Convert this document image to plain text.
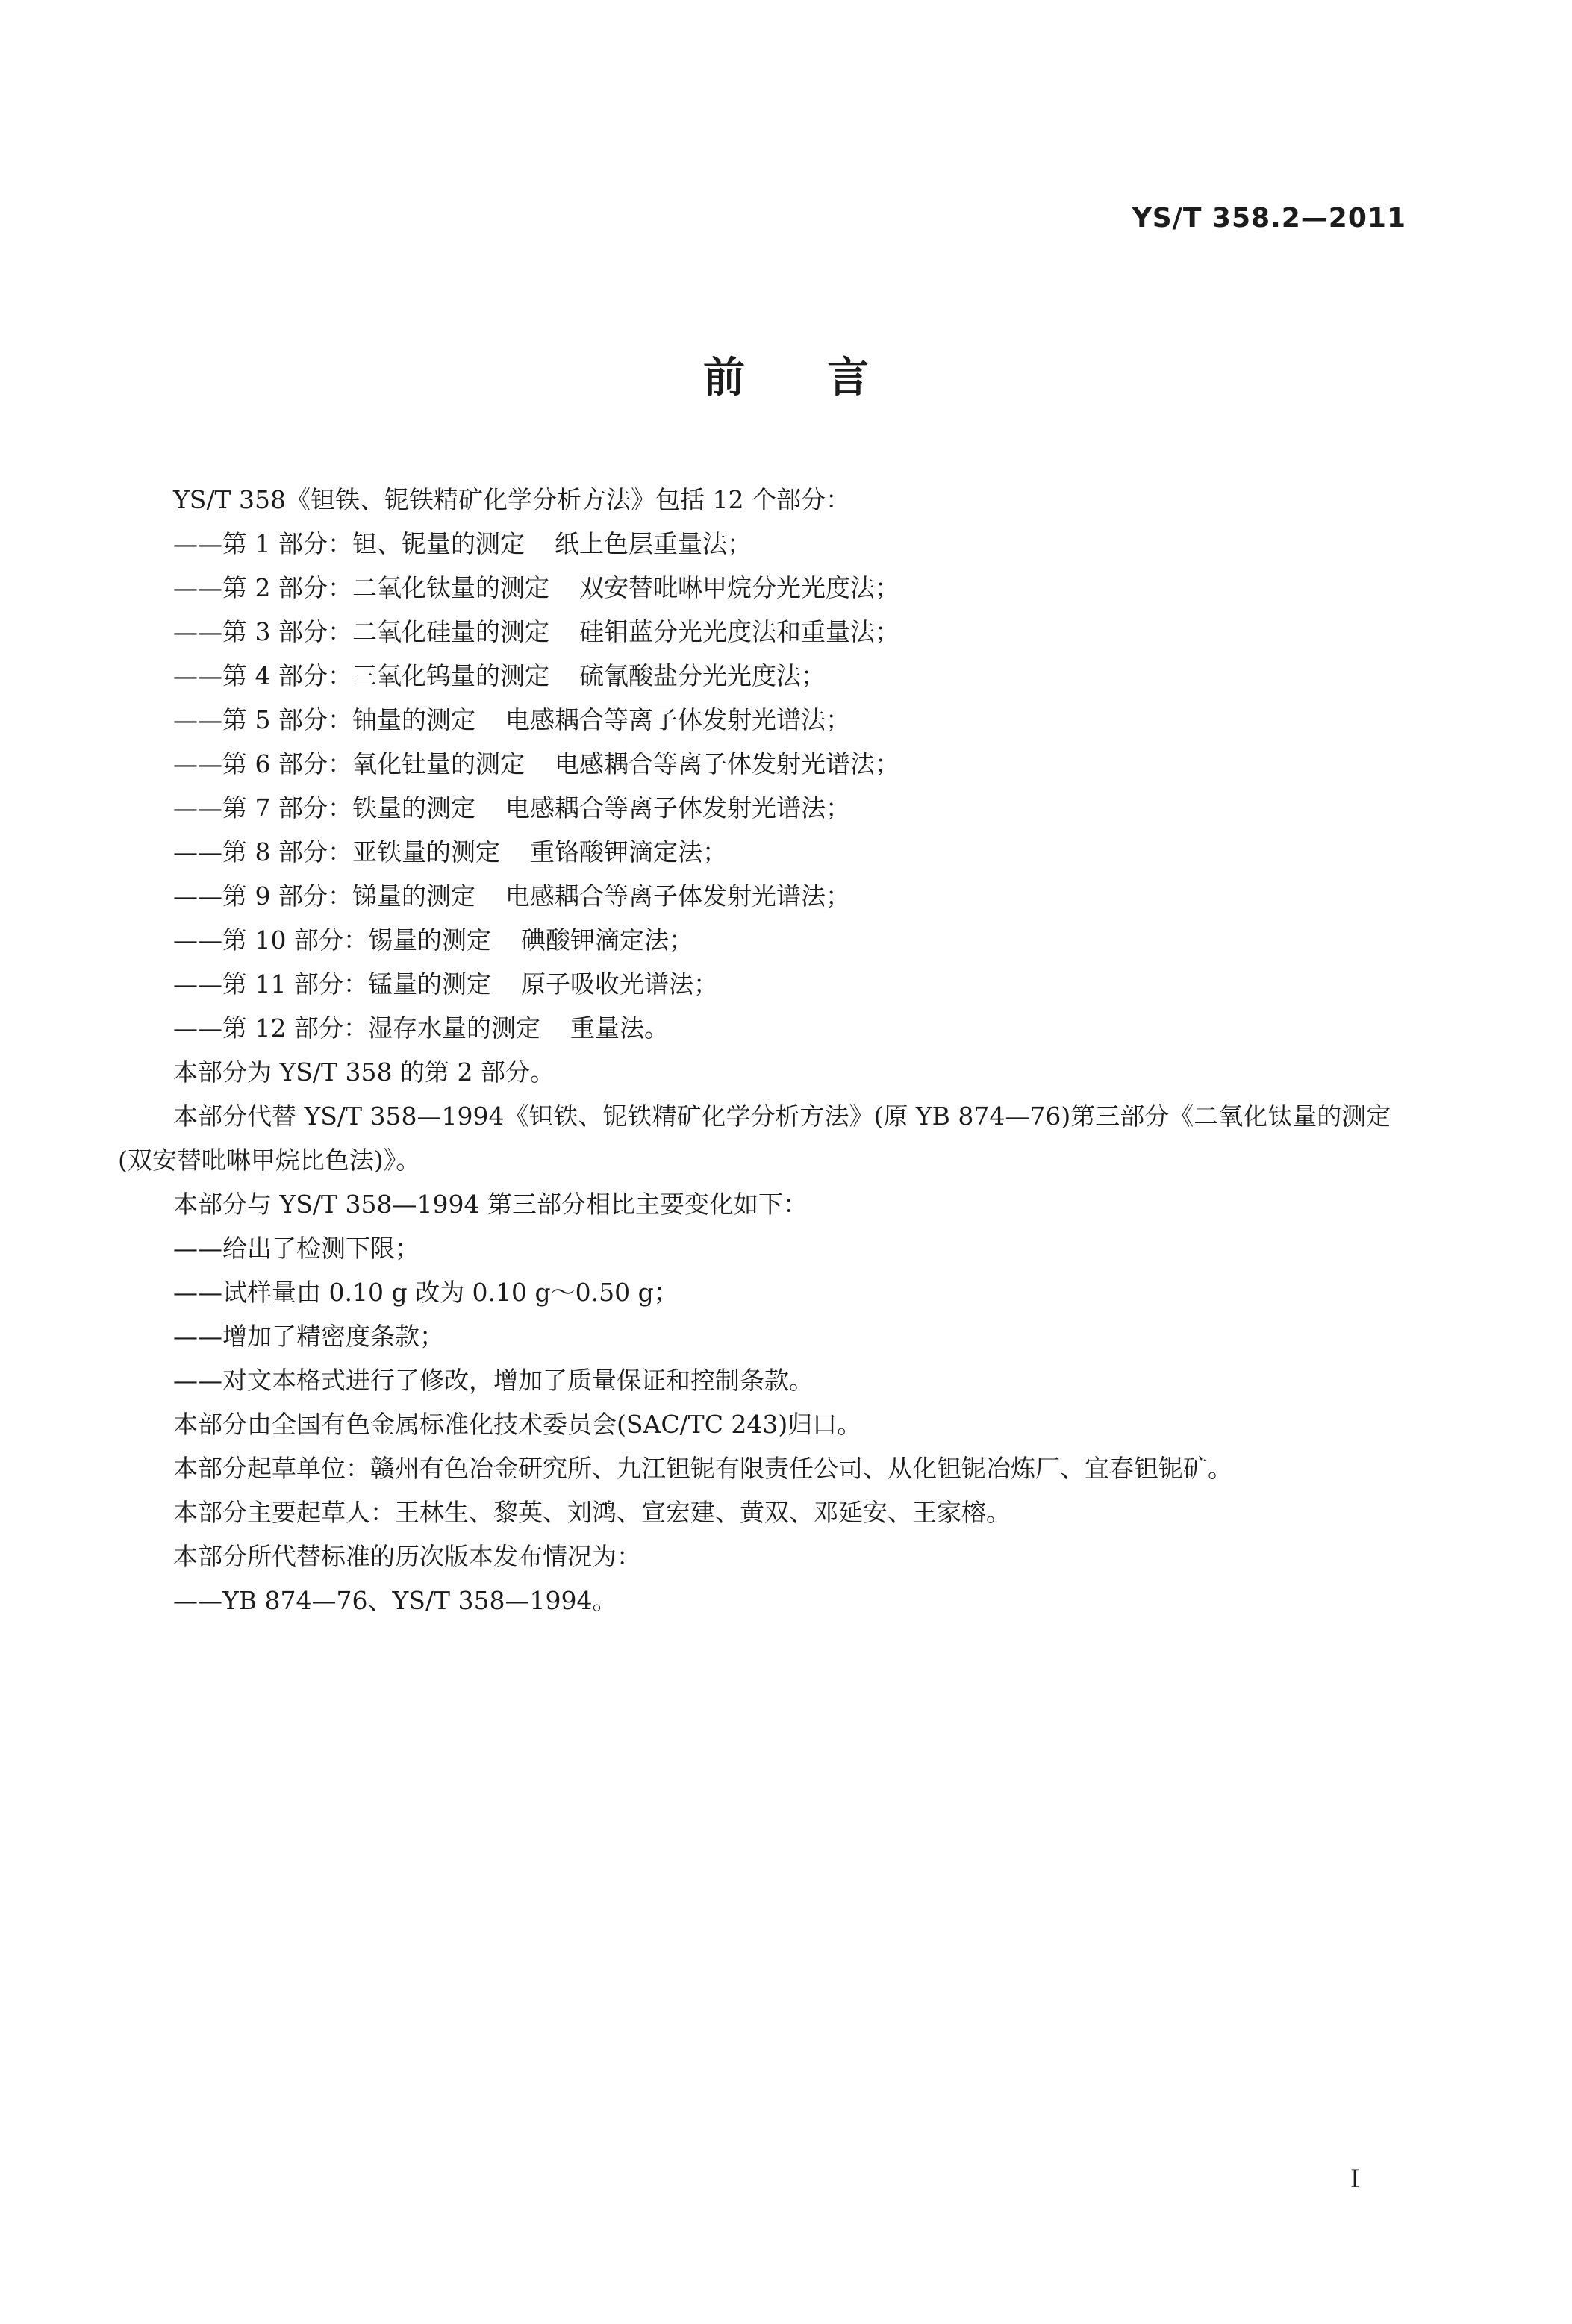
YS/T 358.2—2011
前 言
YS/T 358《钽铁、铌铁精矿化学分析方法》包括 12 个部分：
——第 1 部分：钽、铌量的测定 纸上色层重量法；
——第 2 部分：二氧化钛量的测定 双安替吡啉甲烷分光光度法；
——第 3 部分：二氧化硅量的测定 硅钼蓝分光光度法和重量法；
——第 4 部分：三氧化钨量的测定 硫氰酸盐分光光度法；
——第 5 部分：铀量的测定 电感耦合等离子体发射光谱法；
——第 6 部分：氧化钍量的测定 电感耦合等离子体发射光谱法；
——第 7 部分：铁量的测定 电感耦合等离子体发射光谱法；
——第 8 部分：亚铁量的测定 重铬酸钾滴定法；
——第 9 部分：锑量的测定 电感耦合等离子体发射光谱法；
——第 10 部分：锡量的测定 碘酸钾滴定法；
——第 11 部分：锰量的测定 原子吸收光谱法；
——第 12 部分：湿存水量的测定 重量法。
本部分为 YS/T 358 的第 2 部分。
本部分代替 YS/T 358—1994《钽铁、铌铁精矿化学分析方法》(原 YB 874—76)第三部分《二氧化钛量的测定(双安替吡啉甲烷比色法)》。
本部分与 YS/T 358—1994 第三部分相比主要变化如下：
——给出了检测下限；
——试样量由 0.10 g 改为 0.10 g～0.50 g；
——增加了精密度条款；
——对文本格式进行了修改，增加了质量保证和控制条款。
本部分由全国有色金属标准化技术委员会(SAC/TC 243)归口。
本部分起草单位：赣州有色冶金研究所、九江钽铌有限责任公司、从化钽铌冶炼厂、宜春钽铌矿。
本部分主要起草人：王林生、黎英、刘鸿、宣宏建、黄双、邓延安、王家榕。
本部分所代替标准的历次版本发布情况为：
——YB 874—76、YS/T 358—1994。
I
